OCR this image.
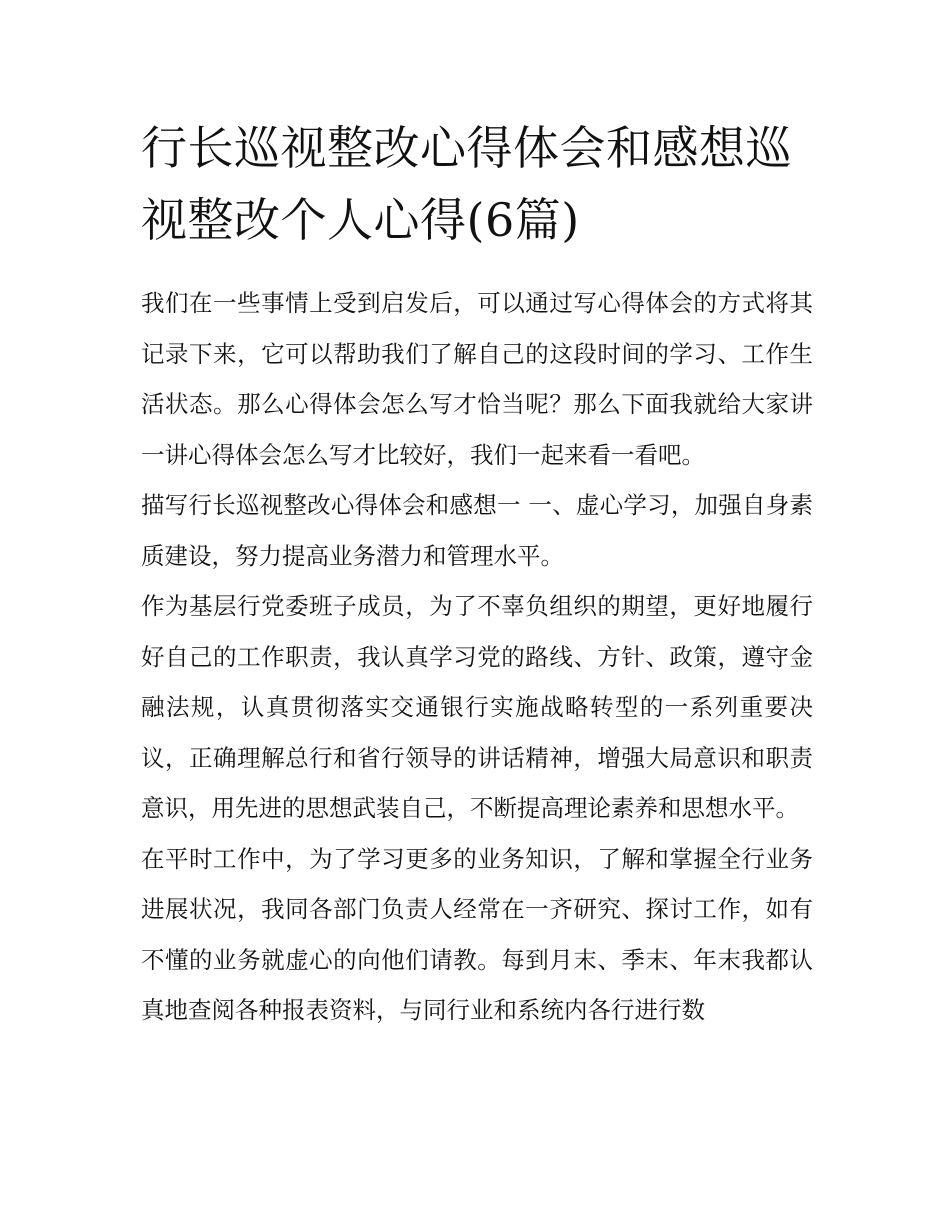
行长巡视整改心得体会和感想巡视整改个人心得(6篇)

我们在一些事情上受到启发后，可以通过写心得体会的方式将其记录下来，它可以帮助我们了解自己的这段时间的学习、工作生活状态。那么心得体会怎么写才恰当呢？那么下面我就给大家讲一讲心得体会怎么写才比较好，我们一起来看一看吧。

描写行长巡视整改心得体会和感想一 一、虚心学习，加强自身素质建设，努力提高业务潜力和管理水平。

作为基层行党委班子成员，为了不辜负组织的期望，更好地履行好自己的工作职责，我认真学习党的路线、方针、政策，遵守金融法规，认真贯彻落实交通银行实施战略转型的一系列重要决议，正确理解总行和省行领导的讲话精神，增强大局意识和职责意识，用先进的思想武装自己，不断提高理论素养和思想水平。

在平时工作中，为了学习更多的业务知识，了解和掌握全行业务进展状况，我同各部门负责人经常在一齐研究、探讨工作，如有不懂的业务就虚心的向他们请教。每到月末、季末、年末我都认真地查阅各种报表资料，与同行业和系统内各行进行数
